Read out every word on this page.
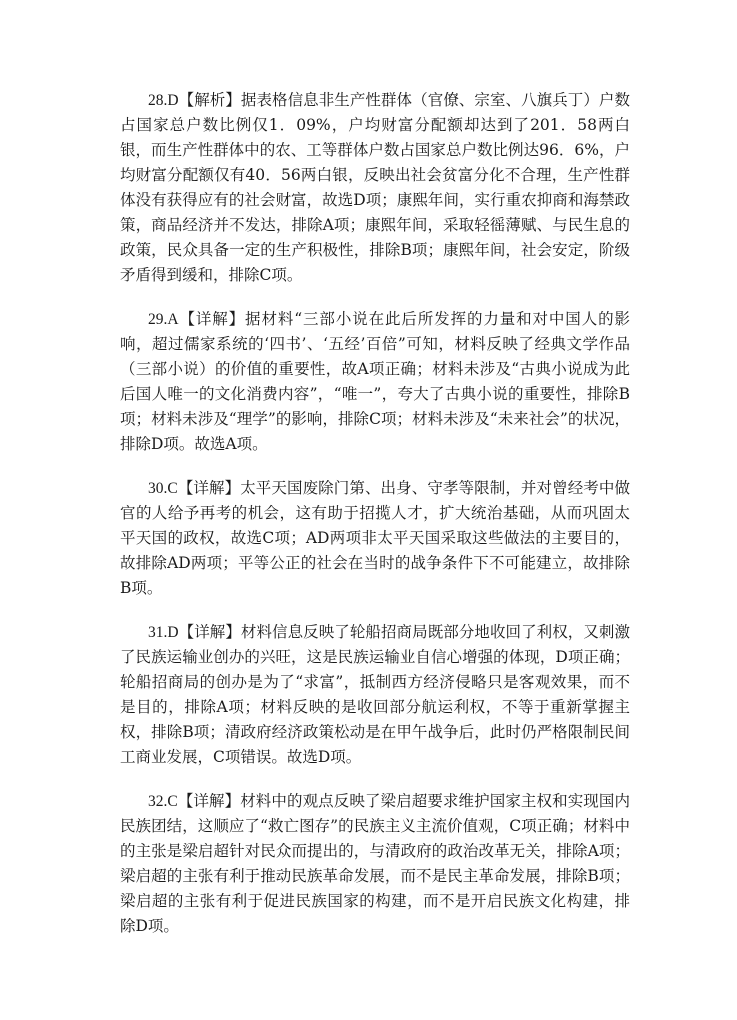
28.D【解析】据表格信息非生产性群体（官僚、宗室、八旗兵丁）户数占国家总户数比例仅1．09%，户均财富分配额却达到了201．58两白银，而生产性群体中的农、工等群体户数占国家总户数比例达96．6%，户均财富分配额仅有40．56两白银，反映出社会贫富分化不合理，生产性群体没有获得应有的社会财富，故选D项；康熙年间，实行重农抑商和海禁政策，商品经济并不发达，排除A项；康熙年间，采取轻徭薄赋、与民生息的政策，民众具备一定的生产积极性，排除B项；康熙年间，社会安定，阶级矛盾得到缓和，排除C项。

29.A【详解】据材料“三部小说在此后所发挥的力量和对中国人的影响，超过儒家系统的‘四书’、‘五经’百倍”可知，材料反映了经典文学作品（三部小说）的价值的重要性，故A项正确；材料未涉及“古典小说成为此后国人唯一的文化消费内容”，“唯一”，夸大了古典小说的重要性，排除B项；材料未涉及“理学”的影响，排除C项；材料未涉及“未来社会”的状况，排除D项。故选A项。

30.C【详解】太平天国废除门第、出身、守孝等限制，并对曾经考中做官的人给予再考的机会，这有助于招揽人才，扩大统治基础，从而巩固太平天国的政权，故选C项；AD两项非太平天国采取这些做法的主要目的，故排除AD两项；平等公正的社会在当时的战争条件下不可能建立，故排除B项。

31.D【详解】材料信息反映了轮船招商局既部分地收回了利权，又刺激了民族运输业创办的兴旺，这是民族运输业自信心增强的体现，D项正确；轮船招商局的创办是为了“求富”，抵制西方经济侵略只是客观效果，而不是目的，排除A项；材料反映的是收回部分航运利权，不等于重新掌握主权，排除B项；清政府经济政策松动是在甲午战争后，此时仍严格限制民间工商业发展，C项错误。故选D项。

32.C【详解】材料中的观点反映了梁启超要求维护国家主权和实现国内民族团结，这顺应了“救亡图存”的民族主义主流价值观，C项正确；材料中的主张是梁启超针对民众而提出的，与清政府的政治改革无关，排除A项；梁启超的主张有利于推动民族革命发展，而不是民主革命发展，排除B项；梁启超的主张有利于促进民族国家的构建，而不是开启民族文化构建，排除D项。
